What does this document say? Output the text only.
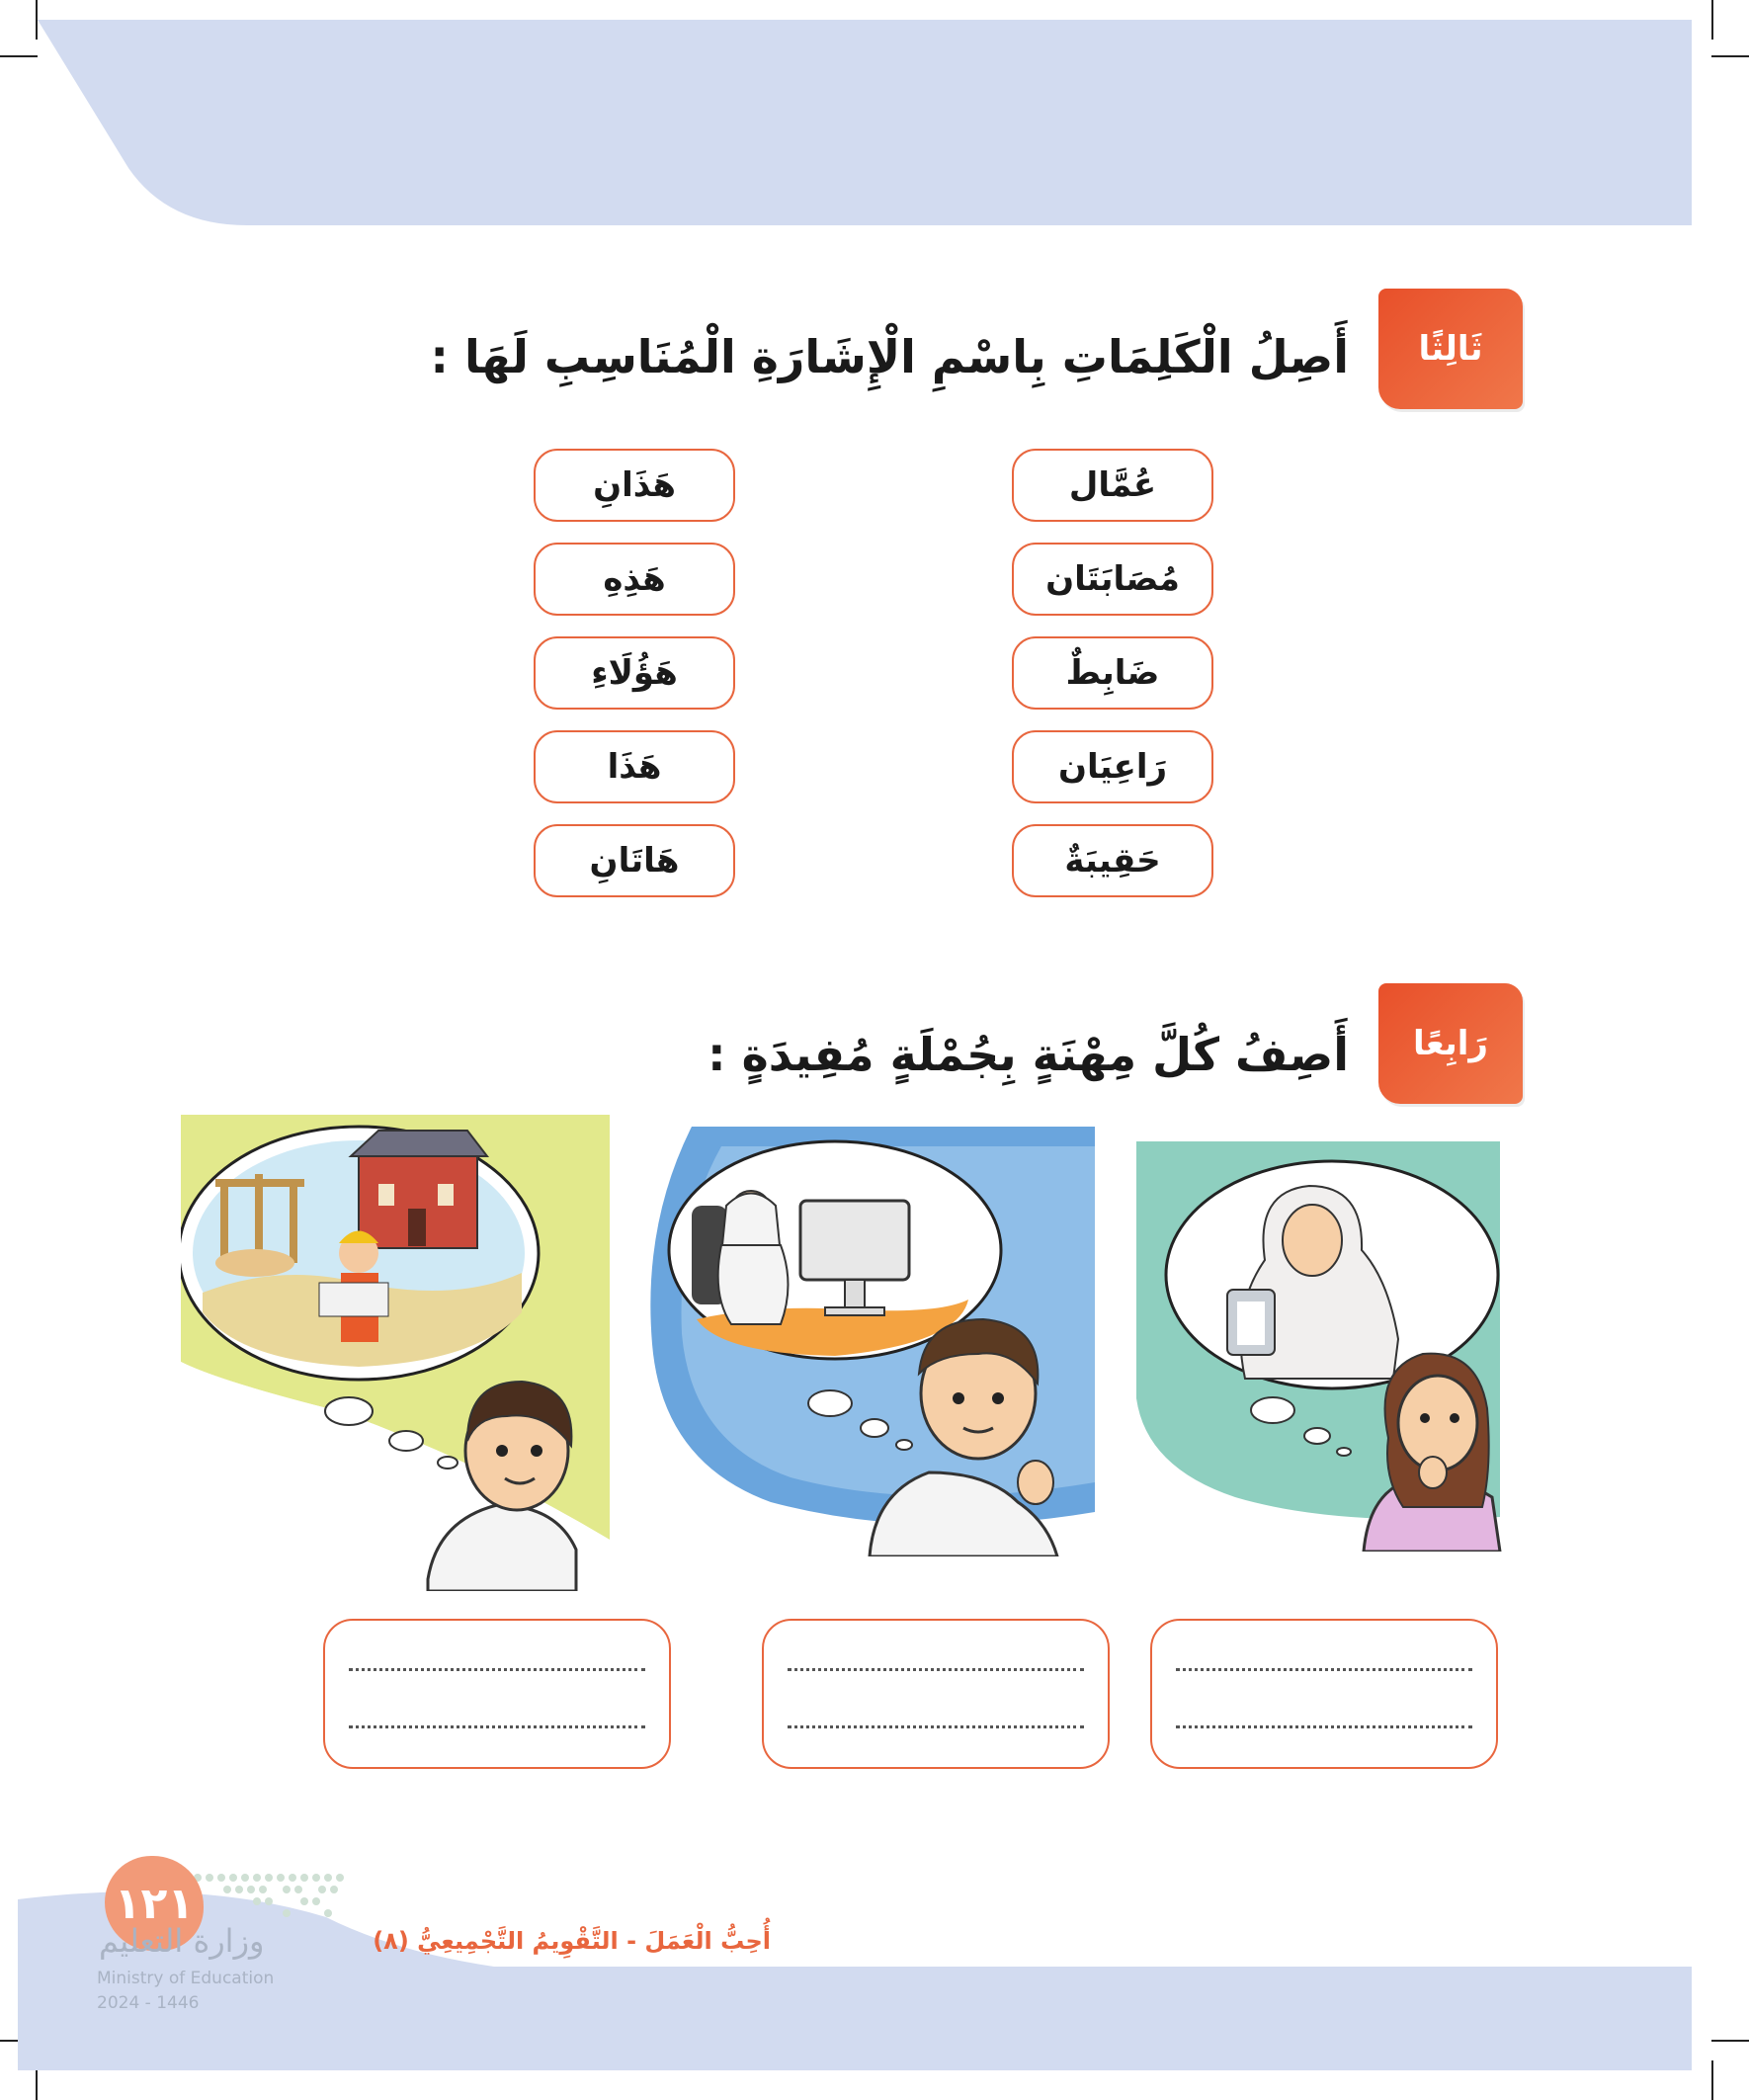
ثَالِثًا
أَصِلُ الْكَلِمَاتِ بِاسْمِ الْإِشَارَةِ الْمُنَاسِبِ لَهَا :
عُمَّال
مُصَابَتَان
ضَابِطٌ
رَاعِيَان
حَقِيبَةٌ
هَذَانِ
هَذِهِ
هَؤُلَاءِ
هَذَا
هَاتَانِ
رَابِعًا
أَصِفُ كُلَّ مِهْنَةٍ بِجُمْلَةٍ مُفِيدَةٍ :
١٢١
وزارة التعليم
Ministry of Education
2024 - 1446
أُحِبُّ الْعَمَلَ - التَّقْوِيمُ التَّجْمِيعِيُّ (٨)
